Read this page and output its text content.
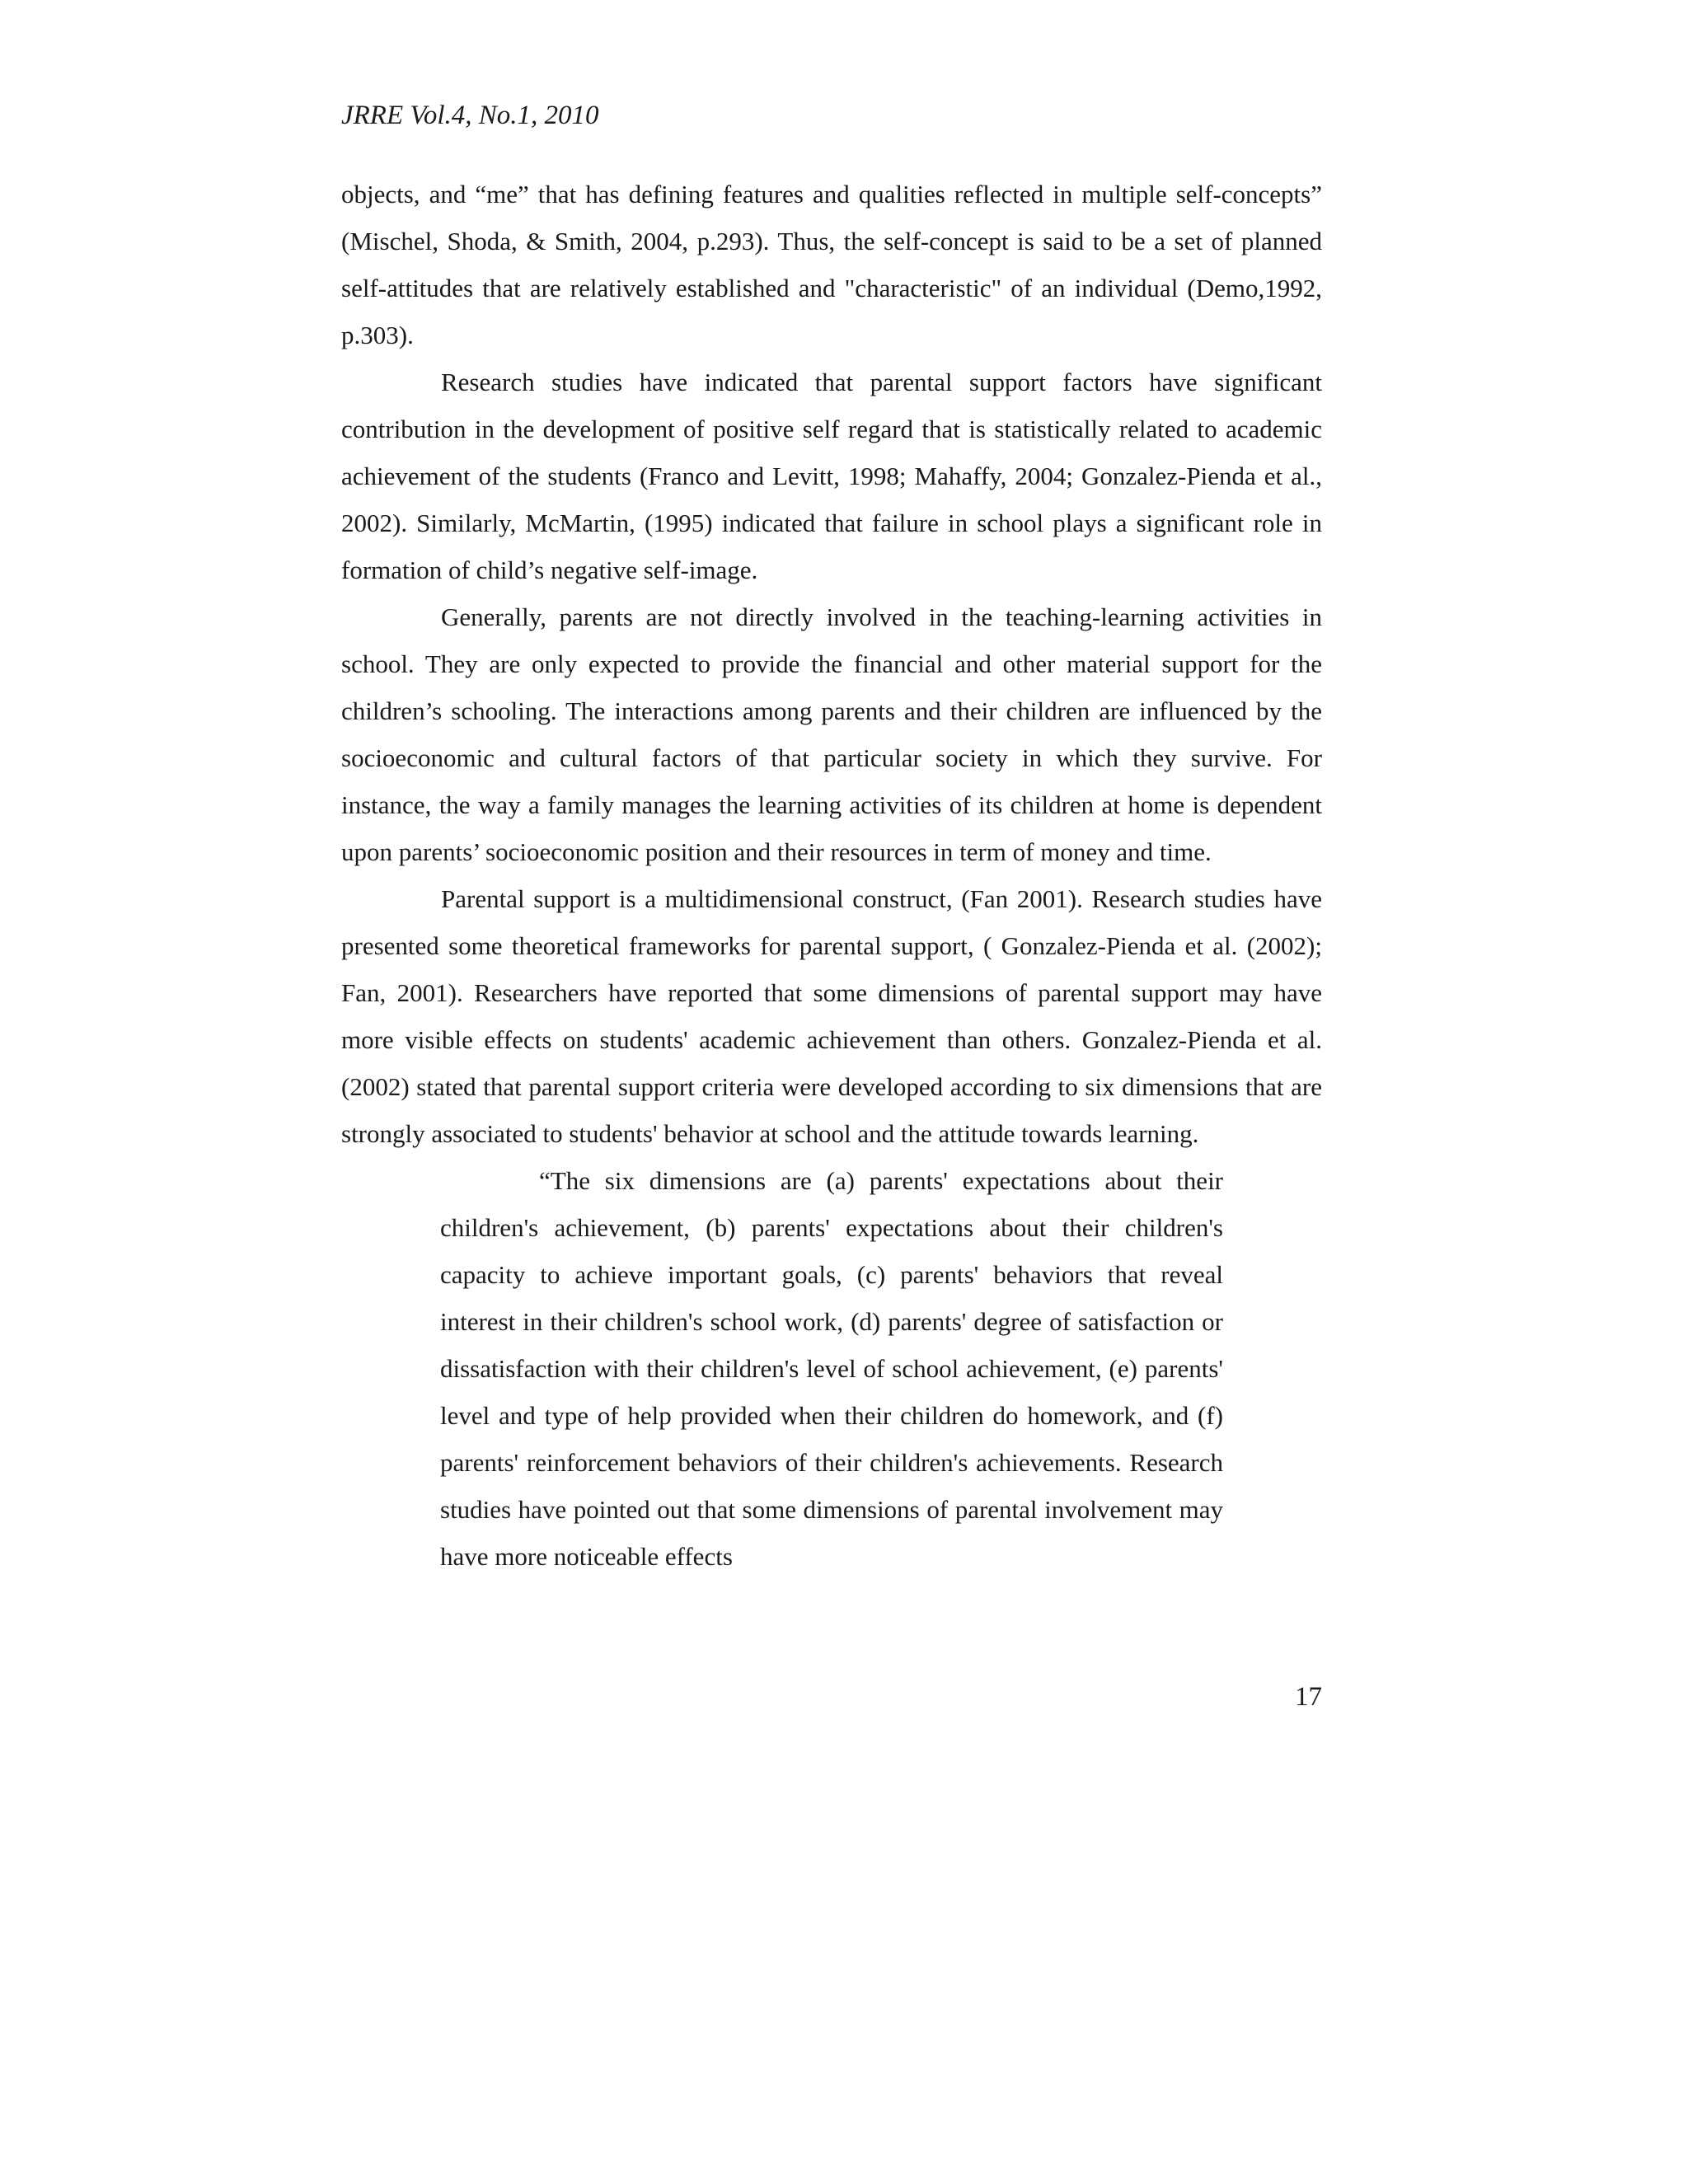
JRRE Vol.4, No.1, 2010

objects, and “me” that has defining features and qualities reflected in multiple self-concepts” (Mischel, Shoda, & Smith, 2004, p.293). Thus, the self-concept is said to be a set of planned self-attitudes that are relatively established and "characteristic" of an individual (Demo,1992, p.303).

Research studies have indicated that parental support factors have significant contribution in the development of positive self regard that is statistically related to academic achievement of the students (Franco and Levitt, 1998; Mahaffy, 2004; Gonzalez-Pienda et al., 2002). Similarly, McMartin, (1995) indicated that failure in school plays a significant role in formation of child’s negative self-image.

Generally, parents are not directly involved in the teaching-learning activities in school. They are only expected to provide the financial and other material support for the children’s schooling. The interactions among parents and their children are influenced by the socioeconomic and cultural factors of that particular society in which they survive. For instance, the way a family manages the learning activities of its children at home is dependent upon parents’ socioeconomic position and their resources in term of money and time.

Parental support is a multidimensional construct, (Fan 2001). Research studies have presented some theoretical frameworks for parental support, ( Gonzalez-Pienda et al. (2002); Fan, 2001). Researchers have reported that some dimensions of parental support may have more visible effects on students' academic achievement than others. Gonzalez-Pienda et al. (2002) stated that parental support criteria were developed according to six dimensions that are strongly associated to students' behavior at school and the attitude towards learning.

“The six dimensions are (a) parents' expectations about their children's achievement, (b) parents' expectations about their children's capacity to achieve important goals, (c) parents' behaviors that reveal interest in their children's school work, (d) parents' degree of satisfaction or dissatisfaction with their children's level of school achievement, (e) parents' level and type of help provided when their children do homework, and (f) parents' reinforcement behaviors of their children's achievements. Research studies have pointed out that some dimensions of parental involvement may have more noticeable effects

17
